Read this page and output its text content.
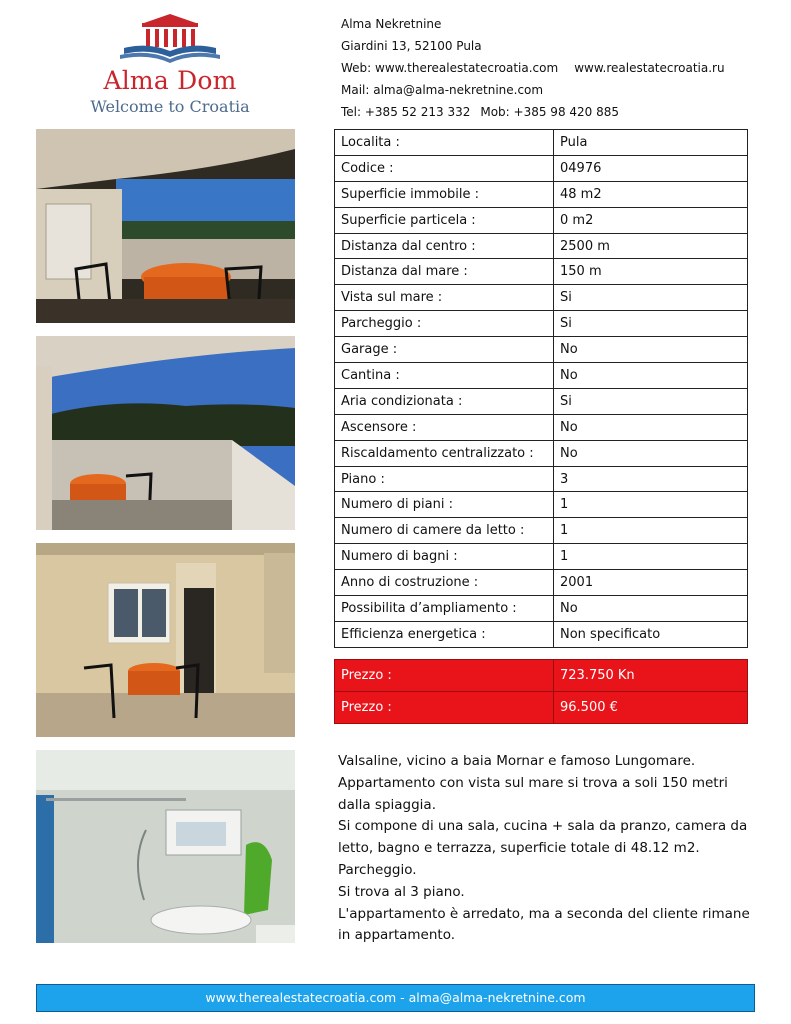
Alma Dom
Welcome to Croatia
Alma Nekretnine
Giardini 13, 52100 Pula
Web: www.therealestatecroatia.com www.realestatecroatia.ru
Mail: alma@alma-nekretnine.com
Tel: +385 52 213 332 Mob: +385 98 420 885
Localita :	Pula
Codice :	04976
Superficie immobile :	48 m2
Superficie particela :	0 m2
Distanza dal centro :	2500 m
Distanza dal mare :	150 m
Vista sul mare :	Si
Parcheggio :	Si
Garage :	No
Cantina :	No
Aria condizionata :	Si
Ascensore :	No
Riscaldamento centralizzato :	No
Piano :	3
Numero di piani :	1
Numero di camere da letto :	1
Numero di bagni :	1
Anno di costruzione :	2001
Possibilita d’ampliamento :	No
Efficienza energetica :	Non specificato
Prezzo :	723.750 Kn
Prezzo :	96.500 €

Valsaline, vicino a baia Mornar e famoso Lungomare.

Appartamento con vista sul mare si trova a soli 150 metri dalla spiaggia.

Si compone di una sala, cucina + sala da pranzo, camera da letto, bagno e terrazza, superficie totale di 48.12 m2.

Parcheggio.

Si trova al 3 piano.

L'appartamento è arredato, ma a seconda del cliente rimane in appartamento.

www.therealestatecroatia.com - alma@alma-nekretnine.com
